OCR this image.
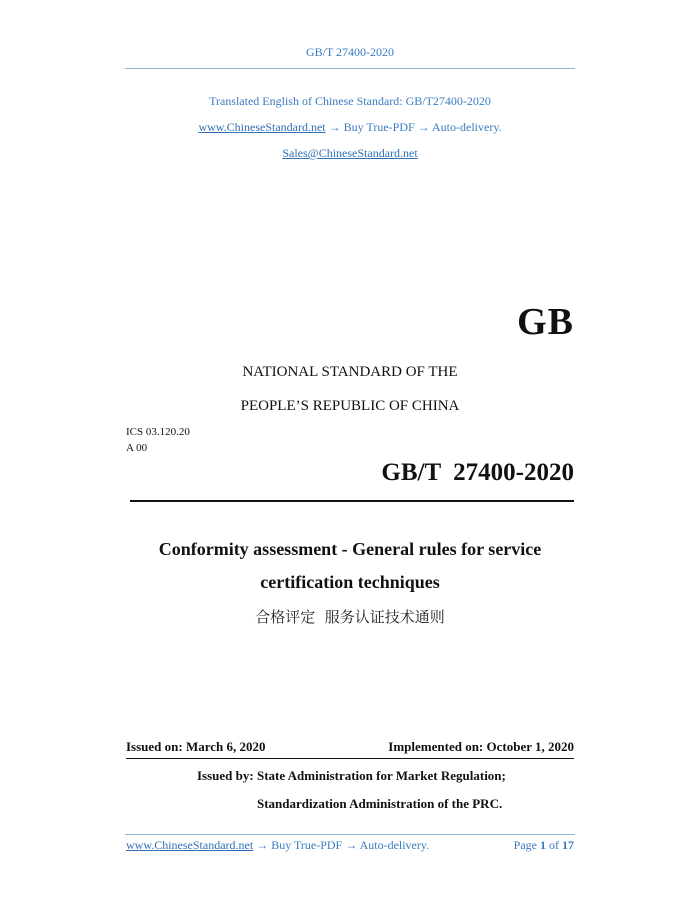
GB/T 27400-2020
Translated English of Chinese Standard: GB/T27400-2020
www.ChineseStandard.net → Buy True-PDF → Auto-delivery.
Sales@ChineseStandard.net
GB
NATIONAL STANDARD OF THE
PEOPLE’S REPUBLIC OF CHINA
ICS 03.120.20
A 00
GB/T  27400-2020
Conformity assessment - General rules for service
certification techniques
合格评定  服务认证技术通则
Issued on: March 6, 2020	Implemented on: October 1, 2020
Issued by: State Administration for Market Regulation;
Standardization Administration of the PRC.
www.ChineseStandard.net → Buy True-PDF → Auto-delivery.	Page 1 of 17
